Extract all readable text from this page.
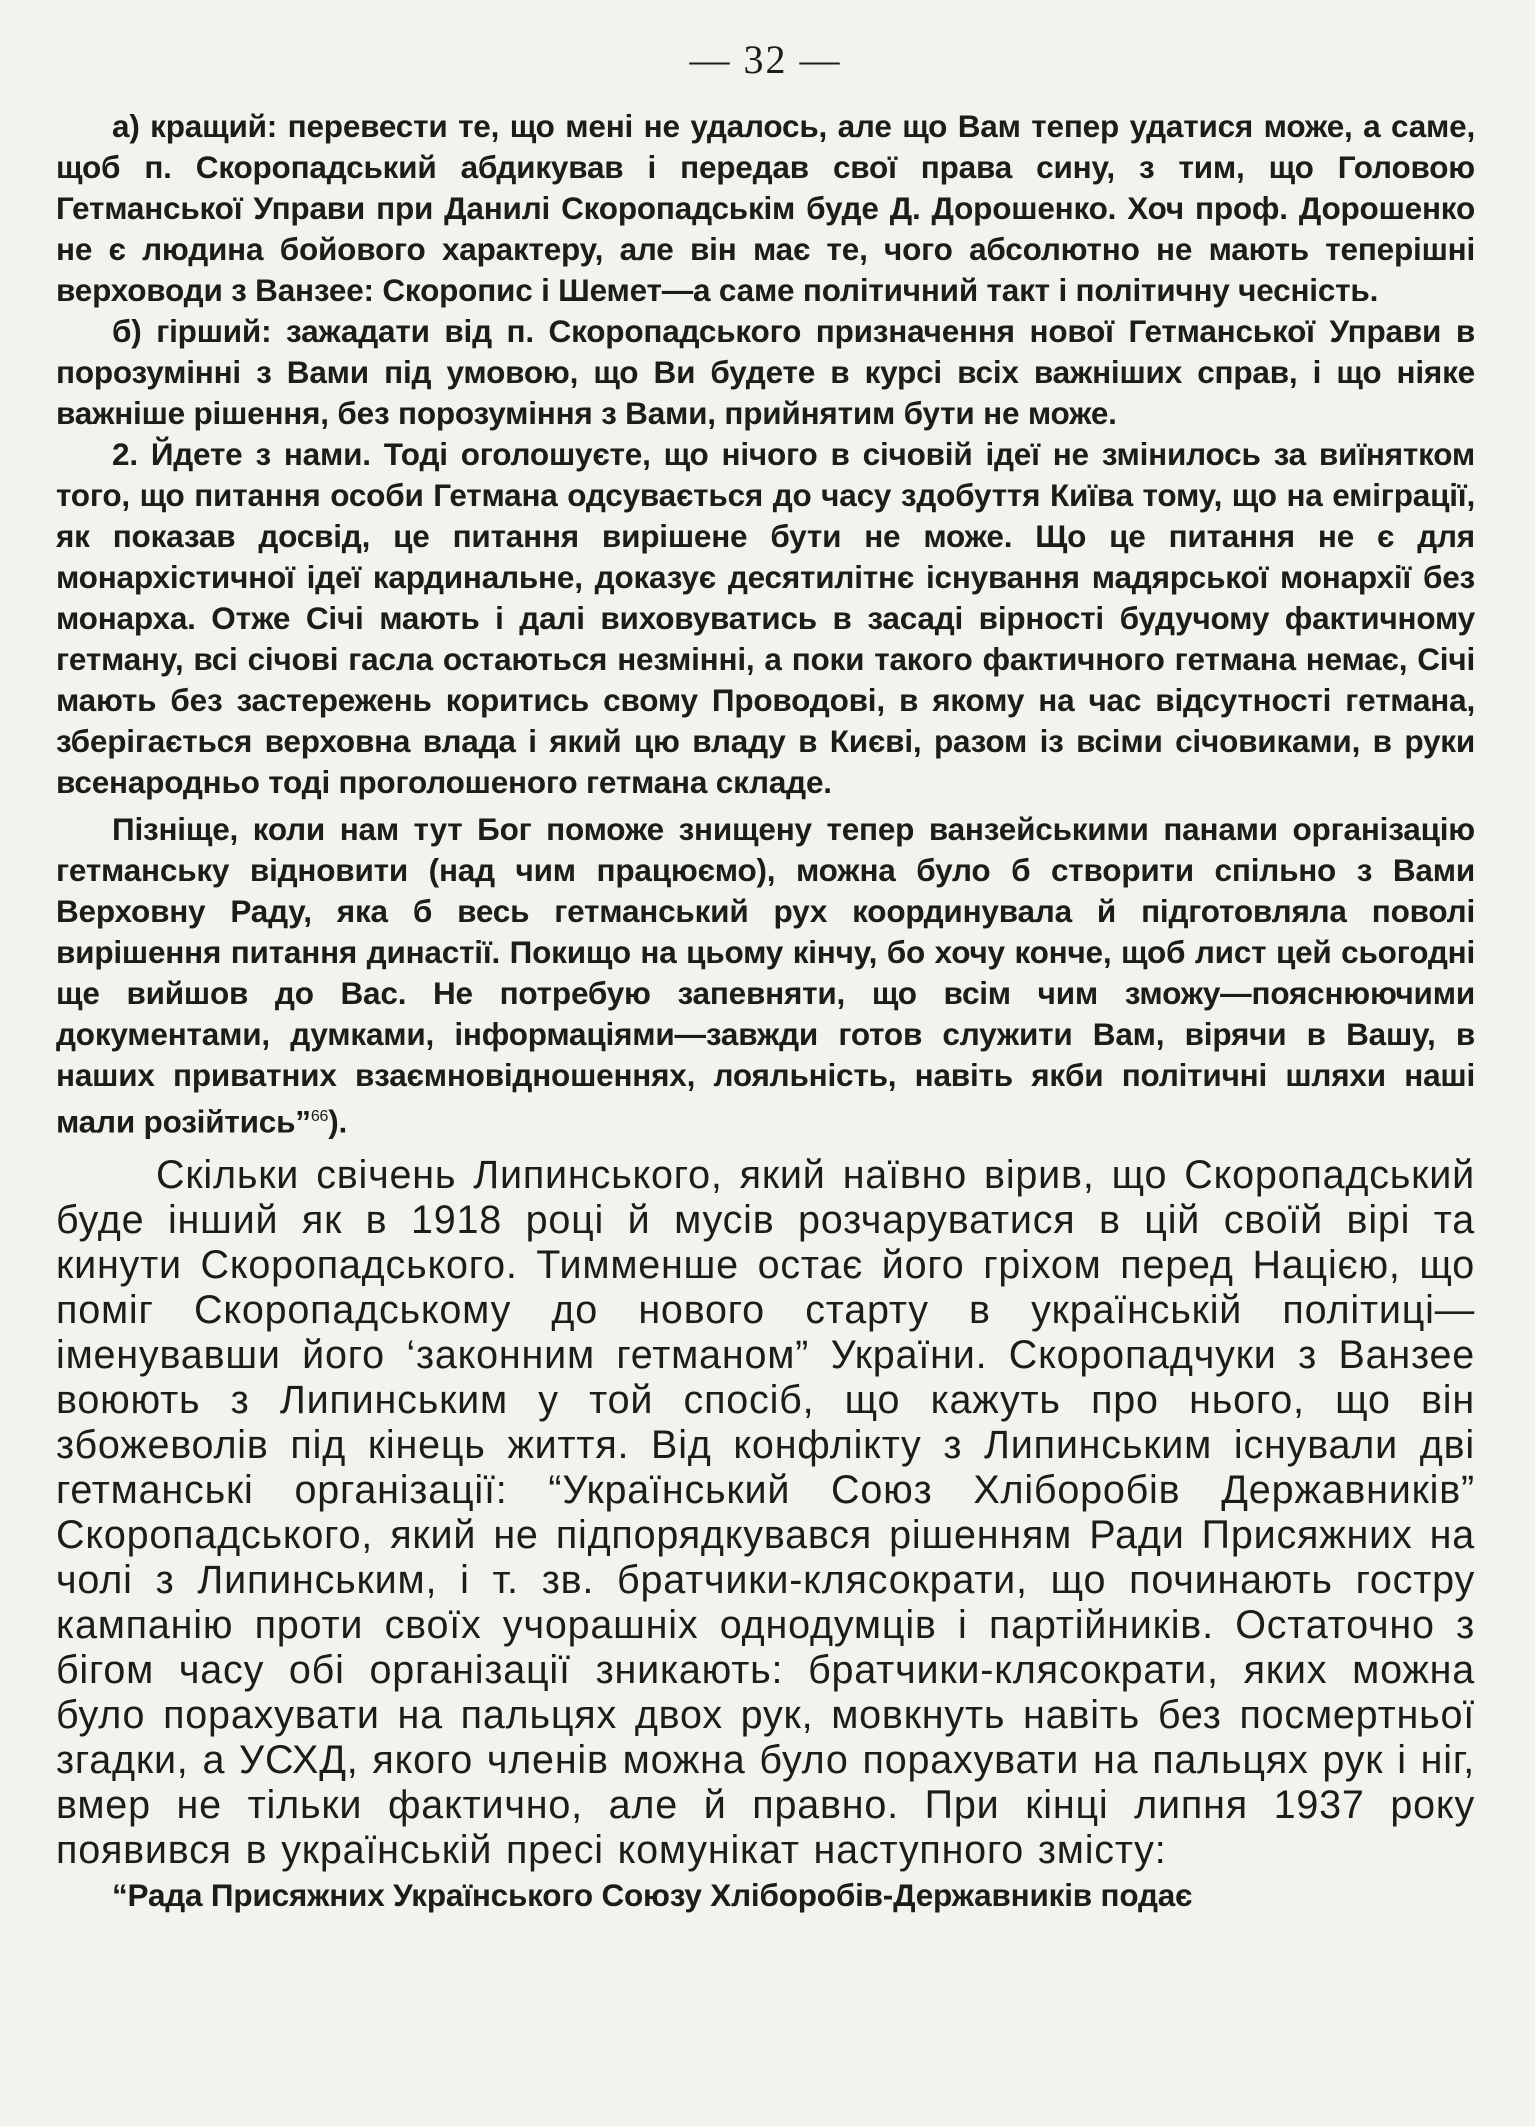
— 32 —

а) кращий: перевести те, що мені не удалось, але що Вам тепер удатися може, а саме, щоб п. Скоропадський абдикував і передав свої права сину, з тим, що Головою Гетманської Управи при Данилі Скоропадськім буде Д. Дорошенко. Хоч проф. Дорошенко не є людина бойового характеру, але він має те, чого абсолютно не мають теперішні верховоди з Ванзее: Скоропис і Шемет—а саме політичний такт і політичну чесність.

б) гірший: зажадати від п. Скоропадського призначення нової Гетманської Управи в порозумінні з Вами під умовою, що Ви будете в курсі всіх важніших справ, і що ніяке важніше рішення, без порозуміння з Вами, прийнятим бути не може.

2. Йдете з нами. Тоді оголошуєте, що нічого в січовій ідеї не змінилось за виїнятком того, що питання особи Гетмана одсувається до часу здобуття Київа тому, що на еміграції, як показав досвід, це питання вирішене бути не може. Що це питання не є для монархістичної ідеї кардинальне, доказує десятилітнє існування мадярської монархії без монарха. Отже Січі мають і далі виховуватись в засаді вірності будучому фактичному гетману, всі січові гасла остаються незмінні, а поки такого фактичного гетмана немає, Січі мають без застережень коритись свому Проводові, в якому на час відсутності гетмана, зберігається верховна влада і який цю владу в Києві, разом із всіми січовиками, в руки всенародньо тоді проголошеного гетмана складе.

Пізніще, коли нам тут Бог поможе знищену тепер ванзейськими панами організацію гетманську відновити (над чим працюємо), можна було б створити спільно з Вами Верховну Раду, яка б весь гетманський рух координувала й підготовляла поволі вирішення питання династії. Покищо на цьому кінчу, бо хочу конче, щоб лист цей сьогодні ще вийшов до Вас. Не потребую запевняти, що всім чим зможу—пояснюючими документами, думками, інформаціями—завжди готов служити Вам, вірячи в Вашу, в наших приватних взаємновідношеннях, лояльність, навіть якби політичні шляхи наші мали розійтись”$^{66}$).

Скільки свічень Липинського, який наївно вірив, що Скоропадський буде інший як в 1918 році й мусів розчаруватися в цій своїй вірі та кинути Скоропадського. Тимменше остає його гріхом перед Нацією, що поміг Скоропадському до нового старту в українській політиці—іменувавши його ‘законним гетманом” України. Скоропадчуки з Ванзее воюють з Липинським у той спосіб, що кажуть про нього, що він збожеволів під кінець життя. Від конфлікту з Липинським існували дві гетманські організації: “Український Союз Хліборобів Державників” Скоропадського, який не підпорядкувався рішенням Ради Присяжних на чолі з Липинським, і т. зв. братчики-клясократи, що починають гостру кампанію проти своїх учорашніх однодумців і партійників. Остаточно з бігом часу обі організації зникають: братчики-клясократи, яких можна було порахувати на пальцях двох рук, мовкнуть навіть без посмертньої згадки, а УСХД, якого членів можна було порахувати на пальцях рук і ніг, вмер не тільки фактично, але й правно. При кінці липня 1937 року появився в українській пресі комунікат наступного змісту:

“Рада Присяжних Українського Союзу Хліборобів-Державників подає
